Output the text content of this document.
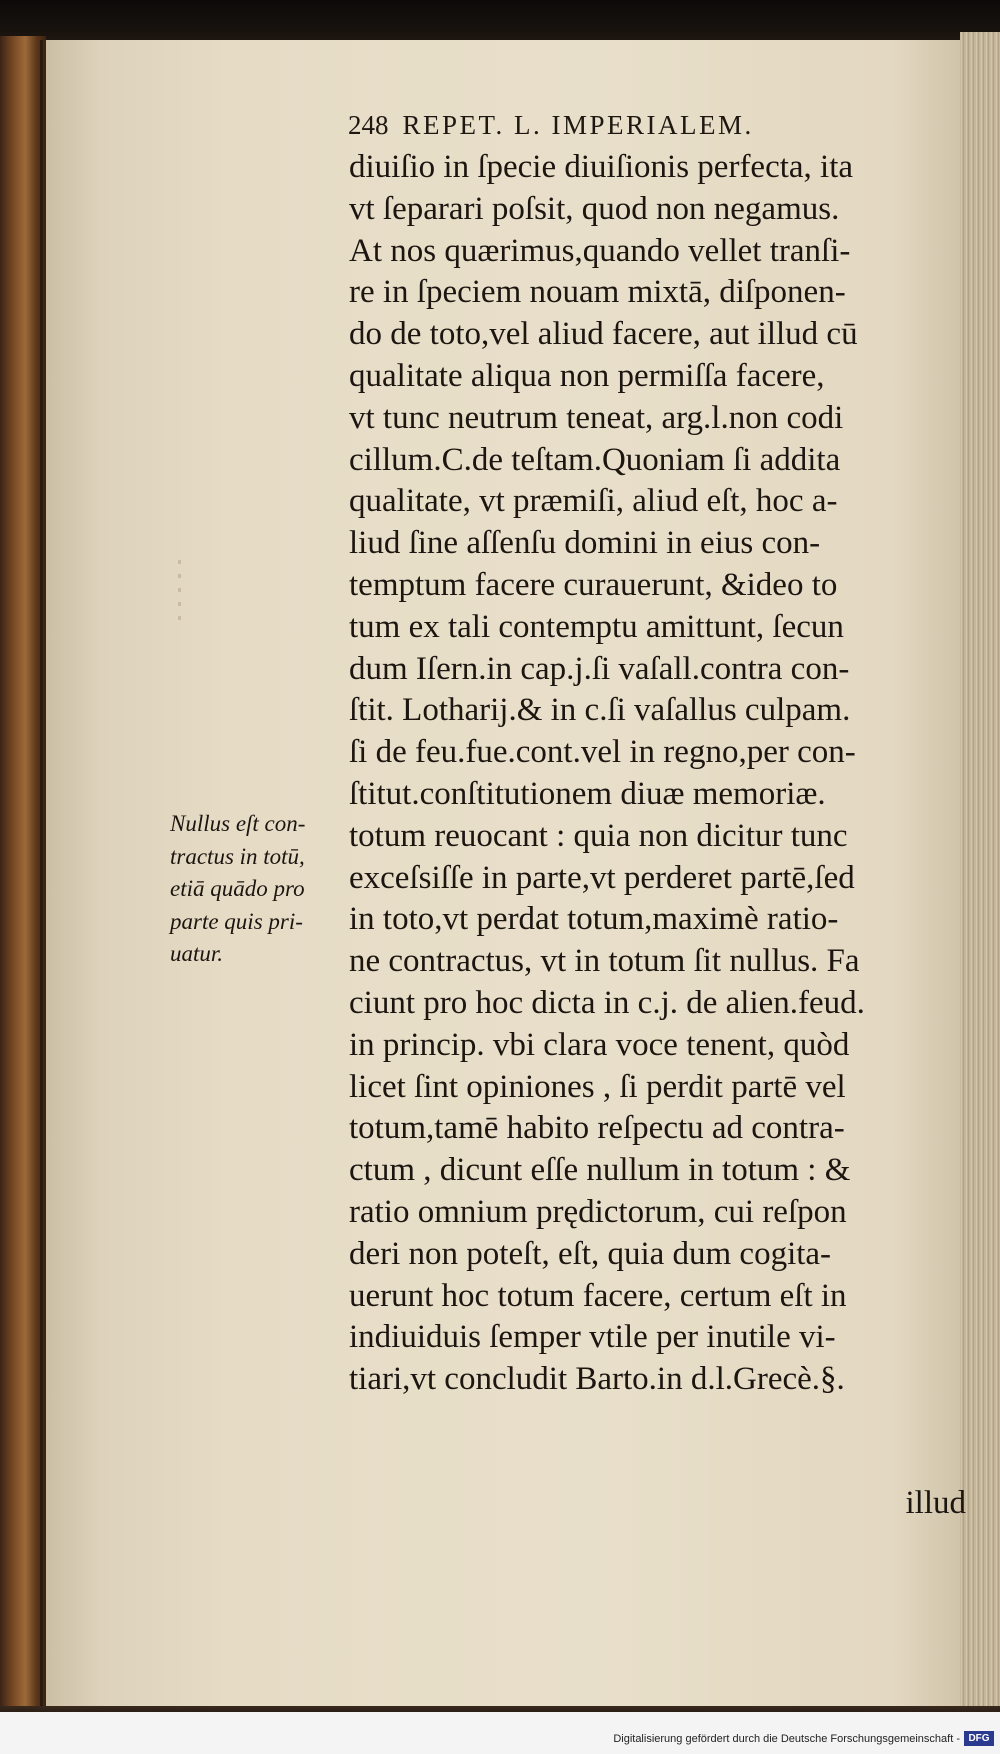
248 REPET. L. IMPERIALEM.
diuiſio in ſpecie diuiſionis perfecta, ita
vt ſeparari poſsit, quod non negamus.
At nos quærimus,quando vellet tranſi-
re in ſpeciem nouam mixtā, diſponen-
do de toto,vel aliud facere, aut illud cū
qualitate aliqua non permiſſa facere,
vt tunc neutrum teneat, arg.l.non codi
cillum.C.de teſtam.Quoniam ſi addita
qualitate, vt præmiſi, aliud eſt, hoc a-
liud ſine aſſenſu domini in eius con-
temptum facere curauerunt, &ideo to
tum ex tali contemptu amittunt, ſecun
dum Iſern.in cap.j.ſi vaſall.contra con-
ſtit. Lotharij.& in c.ſi vaſallus culpam.
ſi de feu.fue.cont.vel in regno,per con-
ſtitut.conſtitutionem diuæ memoriæ.
totum reuocant : quia non dicitur tunc
exceſsiſſe in parte,vt perderet partē,ſed
in toto,vt perdat totum,maximè ratio-
ne contractus, vt in totum ſit nullus. Fa
ciunt pro hoc dicta in c.j. de alien.feud.
in princip. vbi clara voce tenent, quòd
licet ſint opiniones , ſi perdit partē vel
totum,tamē habito reſpectu ad contra-
ctum , dicunt eſſe nullum in totum : &
ratio omnium prędictorum, cui reſpon
deri non poteſt, eſt, quia dum cogita-
uerunt hoc totum facere, certum eſt in
indiuiduis ſemper vtile per inutile vi-
tiari,vt concludit Barto.in d.l.Grecè.§.
illud
Nullus eſt con-
tractus in totū,
etiā quādo pro
parte quis pri-
uatur.
Digitalisierung gefördert durch die Deutsche Forschungsgemeinschaft - DFG
